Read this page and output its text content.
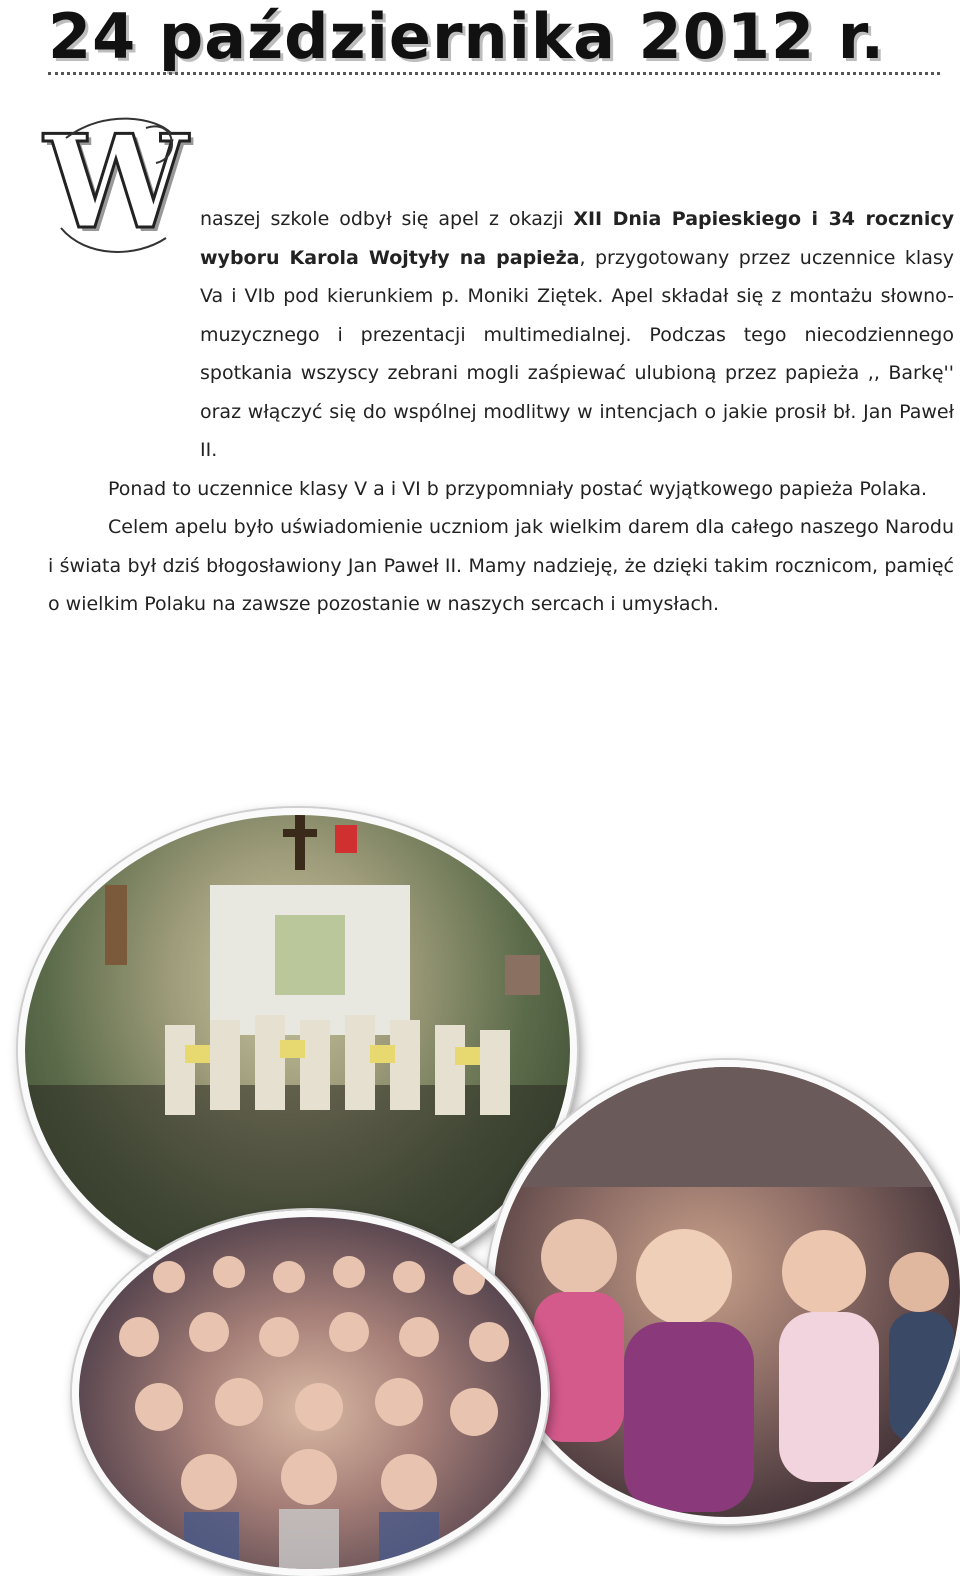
24 października 2012 r.
W naszej szkole odbył się apel z okazji XII Dnia Papieskiego i 34 rocznicy wyboru Karola Wojtyły na papieża, przygotowany przez uczennice klasy Va i VIb pod kierunkiem p. Moniki Ziętek. Apel składał się z montażu słowno-muzycznego i prezentacji multimedialnej. Podczas tego niecodziennego spotkania wszyscy zebrani mogli zaśpiewać ulubioną przez papieża ,, Barkę'' oraz włączyć się do wspólnej modlitwy w intencjach o jakie prosił bł. Jan Paweł II.

Ponad to uczennice klasy V a i VI b przypomniały postać wyjątkowego papieża Polaka.

Celem apelu było uświadomienie uczniom jak wielkim darem dla całego naszego Narodu i świata był dziś błogosławiony Jan Paweł II. Mamy nadzieję, że dzięki takim rocznicom, pamięć o wielkim Polaku na zawsze pozostanie w naszych sercach i umysłach.
